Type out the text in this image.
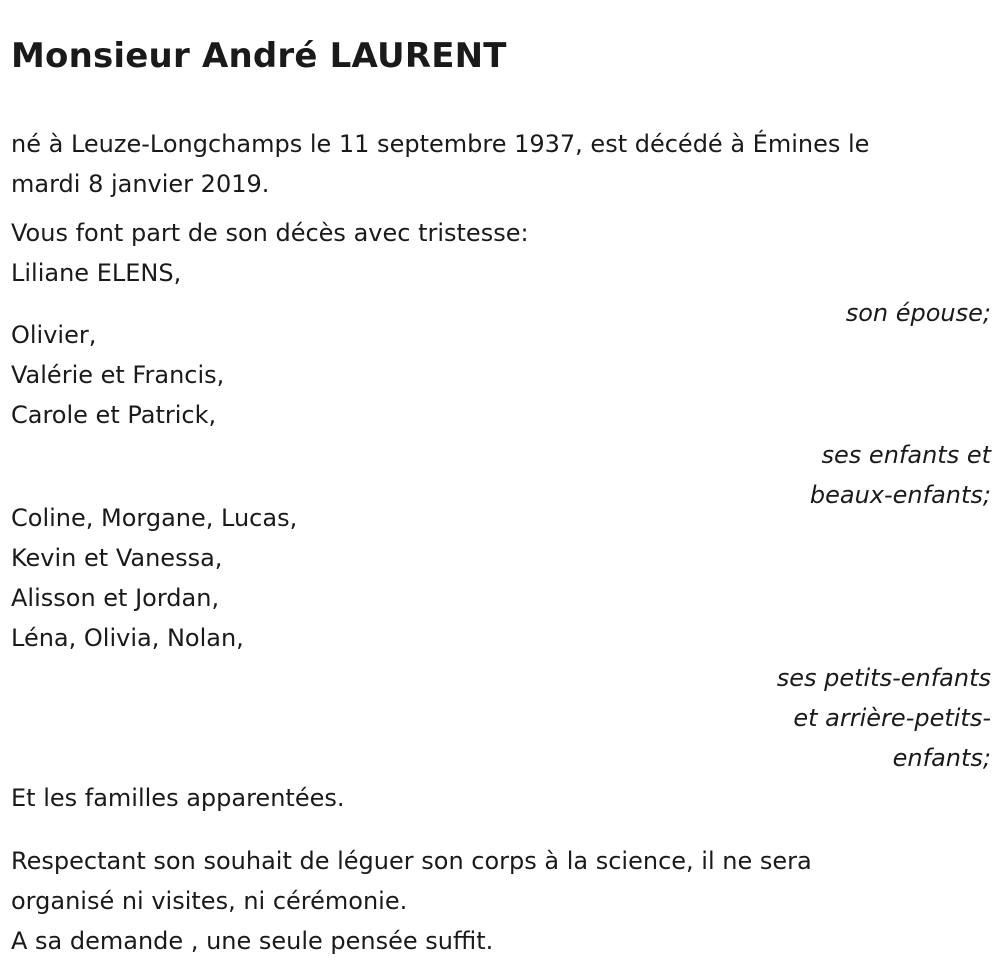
Monsieur André LAURENT
né à Leuze-Longchamps le 11 septembre 1937, est décédé à Émines le
mardi 8 janvier 2019.
Vous font part de son décès avec tristesse:
Liliane ELENS,
son épouse;
Olivier,
Valérie et Francis,
Carole et Patrick,
ses enfants et
beaux-enfants;
Coline, Morgane, Lucas,
Kevin et Vanessa,
Alisson et Jordan,
Léna, Olivia, Nolan,
ses petits-enfants
et arrière-petits-
enfants;
Et les familles apparentées.
Respectant son souhait de léguer son corps à la science, il ne sera
organisé ni visites, ni cérémonie.
A sa demande , une seule pensée suffit.
